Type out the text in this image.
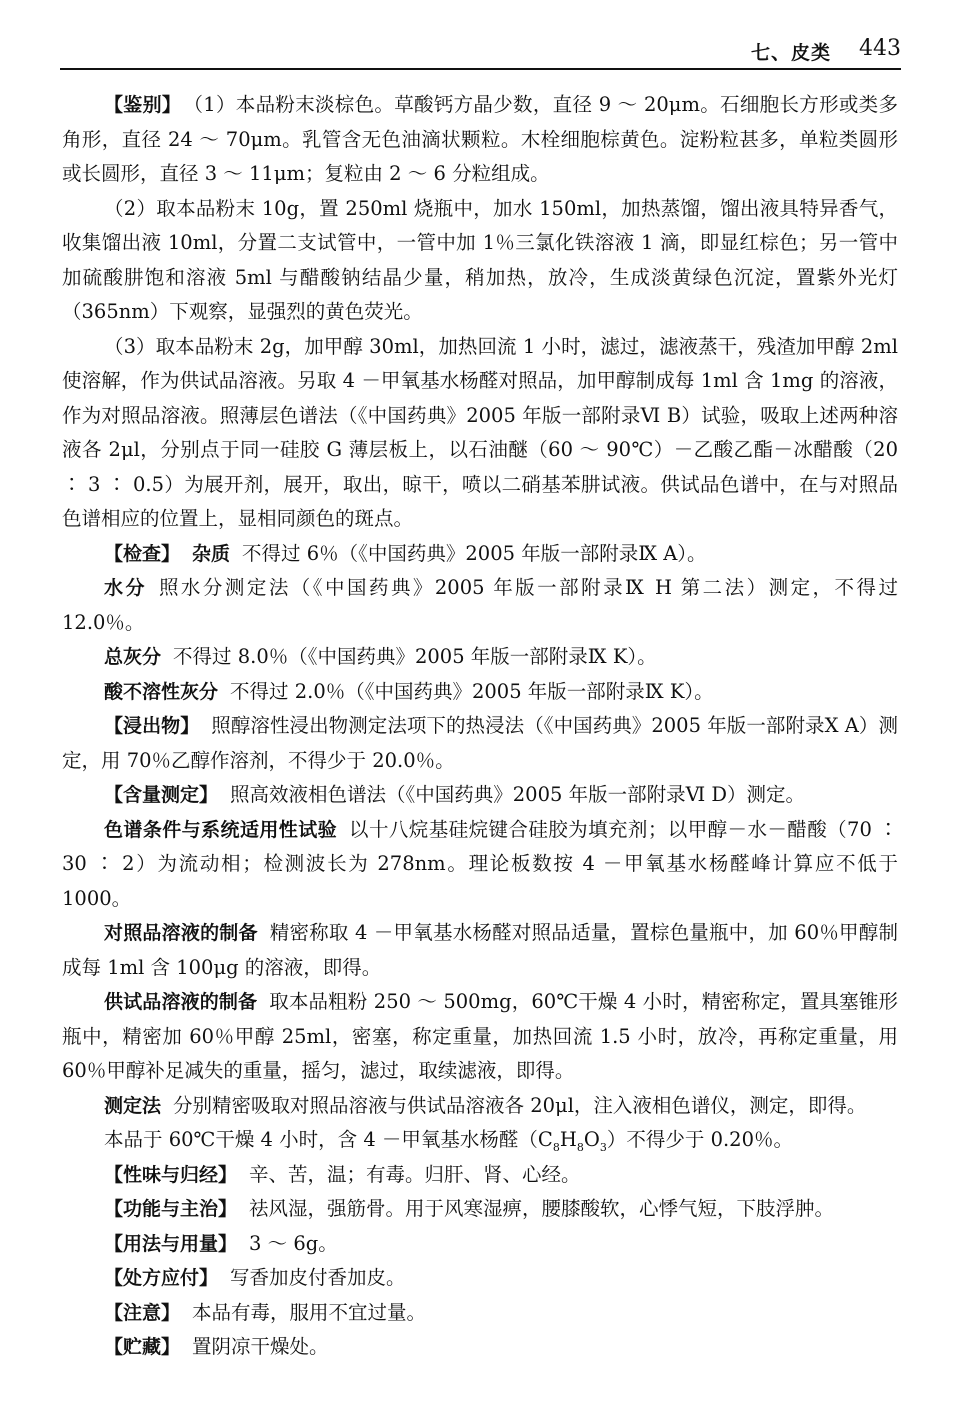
七、皮类 443

【鉴别】 （1）本品粉末淡棕色。草酸钙方晶少数，直径 9 ～ 20μm。石细胞长方形或类多角形，直径 24 ～ 70μm。乳管含无色油滴状颗粒。木栓细胞棕黄色。淀粉粒甚多，单粒类圆形或长圆形，直径 3 ～ 11μm；复粒由 2 ～ 6 分粒组成。

（2）取本品粉末 10g，置 250ml 烧瓶中，加水 150ml，加热蒸馏，馏出液具特异香气，收集馏出液 10ml，分置二支试管中，一管中加 1％三氯化铁溶液 1 滴，即显红棕色；另一管中加硫酸肼饱和溶液 5ml 与醋酸钠结晶少量，稍加热，放冷，生成淡黄绿色沉淀，置紫外光灯（365nm）下观察，显强烈的黄色荧光。

（3）取本品粉末 2g，加甲醇 30ml，加热回流 1 小时，滤过，滤液蒸干，残渣加甲醇 2ml 使溶解，作为供试品溶液。另取 4 －甲氧基水杨醛对照品，加甲醇制成每 1ml 含 1mg 的溶液，作为对照品溶液。照薄层色谱法（《中国药典》2005 年版一部附录Ⅵ B）试验，吸取上述两种溶液各 2μl，分别点于同一硅胶 G 薄层板上，以石油醚（60 ～ 90℃）－乙酸乙酯－冰醋酸（20 ∶ 3 ∶ 0.5）为展开剂，展开，取出，晾干，喷以二硝基苯肼试液。供试品色谱中，在与对照品色谱相应的位置上，显相同颜色的斑点。

【检查】 杂质 不得过 6％（《中国药典》2005 年版一部附录Ⅸ A）。

水分 照水分测定法（《中国药典》2005 年版一部附录Ⅸ H 第二法）测定，不得过 12.0％。

总灰分 不得过 8.0％（《中国药典》2005 年版一部附录Ⅸ K）。

酸不溶性灰分 不得过 2.0％（《中国药典》2005 年版一部附录Ⅸ K）。

【浸出物】 照醇溶性浸出物测定法项下的热浸法（《中国药典》2005 年版一部附录Ⅹ A）测定，用 70％乙醇作溶剂，不得少于 20.0％。

【含量测定】 照高效液相色谱法（《中国药典》2005 年版一部附录Ⅵ D）测定。

色谱条件与系统适用性试验 以十八烷基硅烷键合硅胶为填充剂；以甲醇－水－醋酸（70 ∶ 30 ∶ 2）为流动相；检测波长为 278nm。理论板数按 4 －甲氧基水杨醛峰计算应不低于 1000。

对照品溶液的制备 精密称取 4 －甲氧基水杨醛对照品适量，置棕色量瓶中，加 60％甲醇制成每 1ml 含 100μg 的溶液，即得。

供试品溶液的制备 取本品粗粉 250 ～ 500mg，60℃干燥 4 小时，精密称定，置具塞锥形瓶中，精密加 60％甲醇 25ml，密塞，称定重量，加热回流 1.5 小时，放冷，再称定重量，用 60％甲醇补足减失的重量，摇匀，滤过，取续滤液，即得。

测定法 分别精密吸取对照品溶液与供试品溶液各 20μl，注入液相色谱仪，测定，即得。

本品于 60℃干燥 4 小时，含 4 －甲氧基水杨醛$(C_8H_8O_3)$不得少于 0.20％。

【性味与归经】 辛、苦，温；有毒。归肝、肾、心经。

【功能与主治】 祛风湿，强筋骨。用于风寒湿痹，腰膝酸软，心悸气短，下肢浮肿。

【用法与用量】 3 ～ 6g。

【处方应付】 写香加皮付香加皮。

【注意】 本品有毒，服用不宜过量。

【贮藏】 置阴凉干燥处。
